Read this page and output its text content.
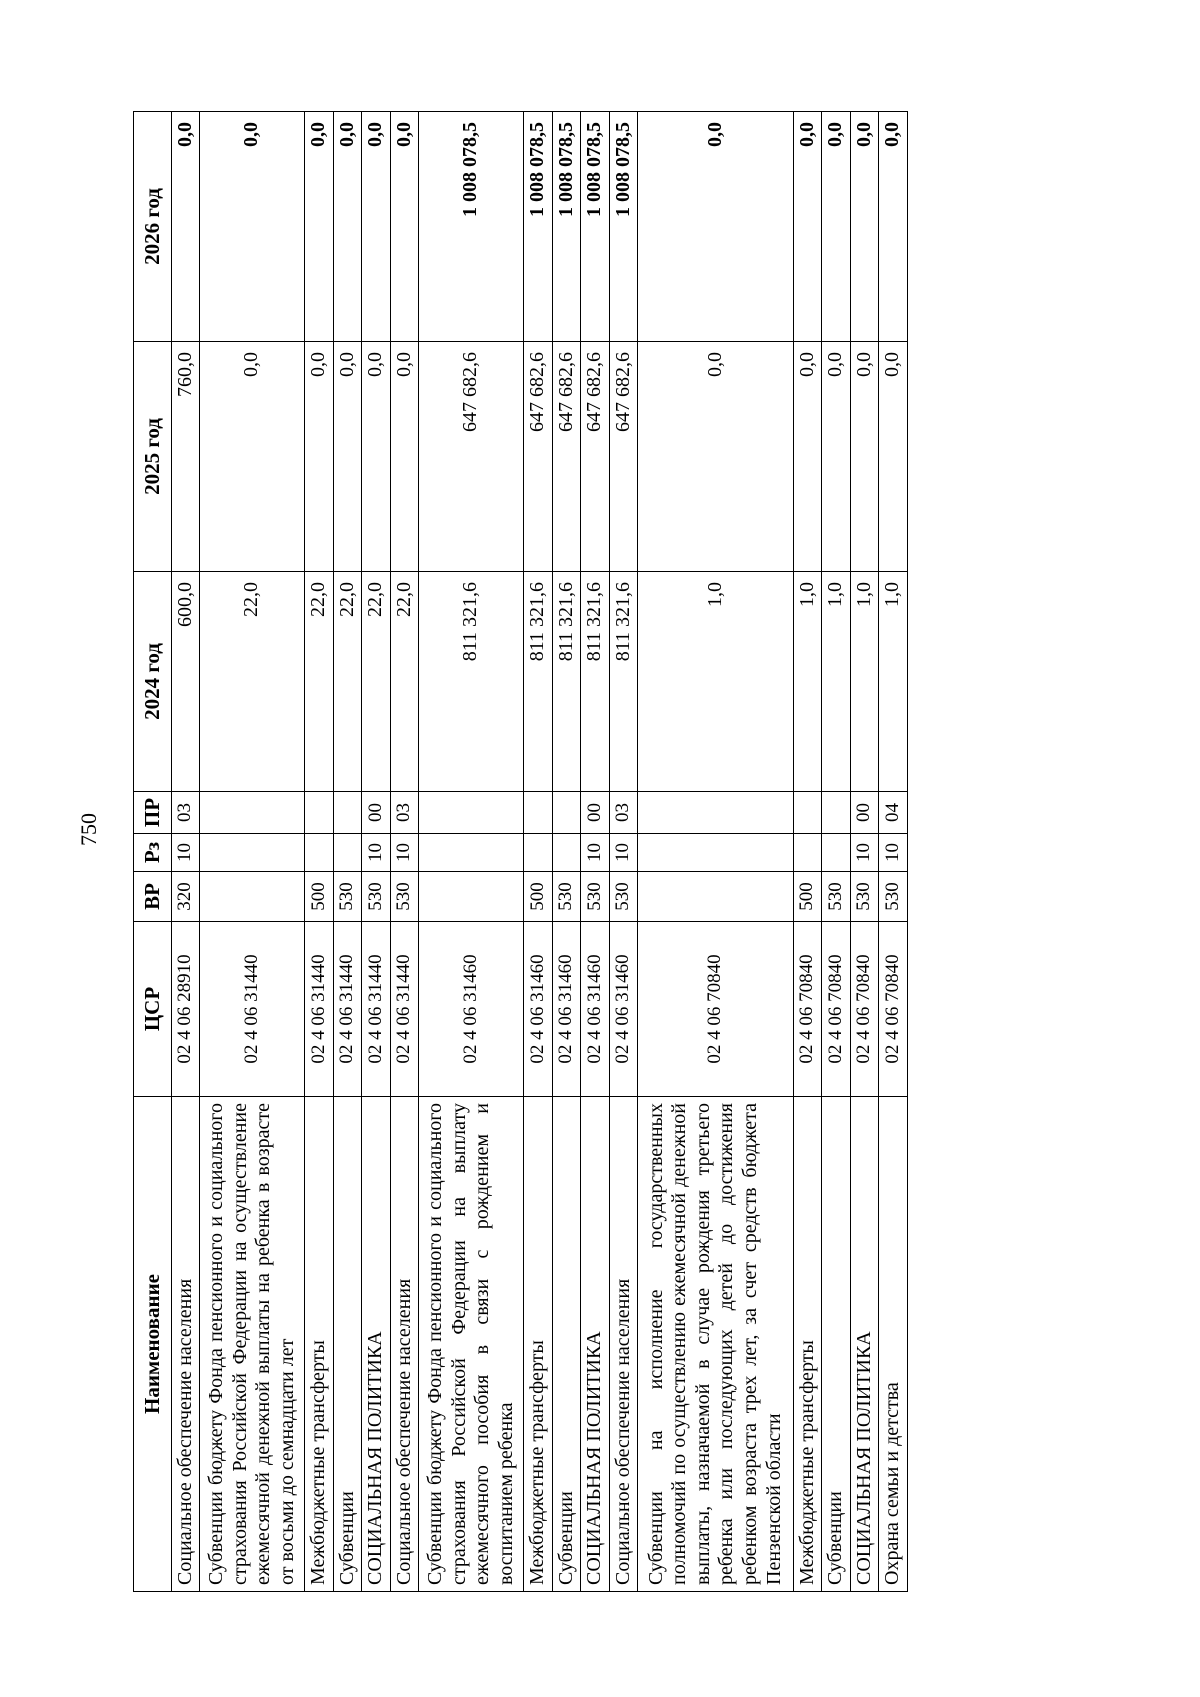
750
Наименование	ЦСР	ВР	Рз	ПР	2024 год	2025 год	2026 год
Социальное обеспечение населения	02 4 06 28910	320	10	03	600,0	760,0	0,0
Субвенции бюджету Фонда пенсионного и социального страхования Российской Федерации на осуществление ежемесячной денежной выплаты на ребенка в возрасте от восьми до семнадцати лет	02 4 06 31440				22,0	0,0	0,0
Межбюджетные трансферты	02 4 06 31440	500			22,0	0,0	0,0
Субвенции	02 4 06 31440	530			22,0	0,0	0,0
СОЦИАЛЬНАЯ ПОЛИТИКА	02 4 06 31440	530	10	00	22,0	0,0	0,0
Социальное обеспечение населения	02 4 06 31440	530	10	03	22,0	0,0	0,0
Субвенции бюджету Фонда пенсионного и социального страхования Российской Федерации на выплату ежемесячного пособия в связи с рождением и воспитанием ребенка	02 4 06 31460				811 321,6	647 682,6	1 008 078,5
Межбюджетные трансферты	02 4 06 31460	500			811 321,6	647 682,6	1 008 078,5
Субвенции	02 4 06 31460	530			811 321,6	647 682,6	1 008 078,5
СОЦИАЛЬНАЯ ПОЛИТИКА	02 4 06 31460	530	10	00	811 321,6	647 682,6	1 008 078,5
Социальное обеспечение населения	02 4 06 31460	530	10	03	811 321,6	647 682,6	1 008 078,5
Субвенции на исполнение государственных полномочий по осуществлению ежемесячной денежной выплаты, назначаемой в случае рождения третьего ребенка или последующих детей до достижения ребенком возраста трех лет, за счет средств бюджета Пензенской области	02 4 06 70840				1,0	0,0	0,0
Межбюджетные трансферты	02 4 06 70840	500			1,0	0,0	0,0
Субвенции	02 4 06 70840	530			1,0	0,0	0,0
СОЦИАЛЬНАЯ ПОЛИТИКА	02 4 06 70840	530	10	00	1,0	0,0	0,0
Охрана семьи и детства	02 4 06 70840	530	10	04	1,0	0,0	0,0
